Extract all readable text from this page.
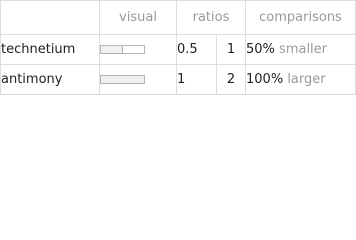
	visual	ratios		comparisons
technetium		0.5	1	50% smaller
antimony		1	2	100% larger
